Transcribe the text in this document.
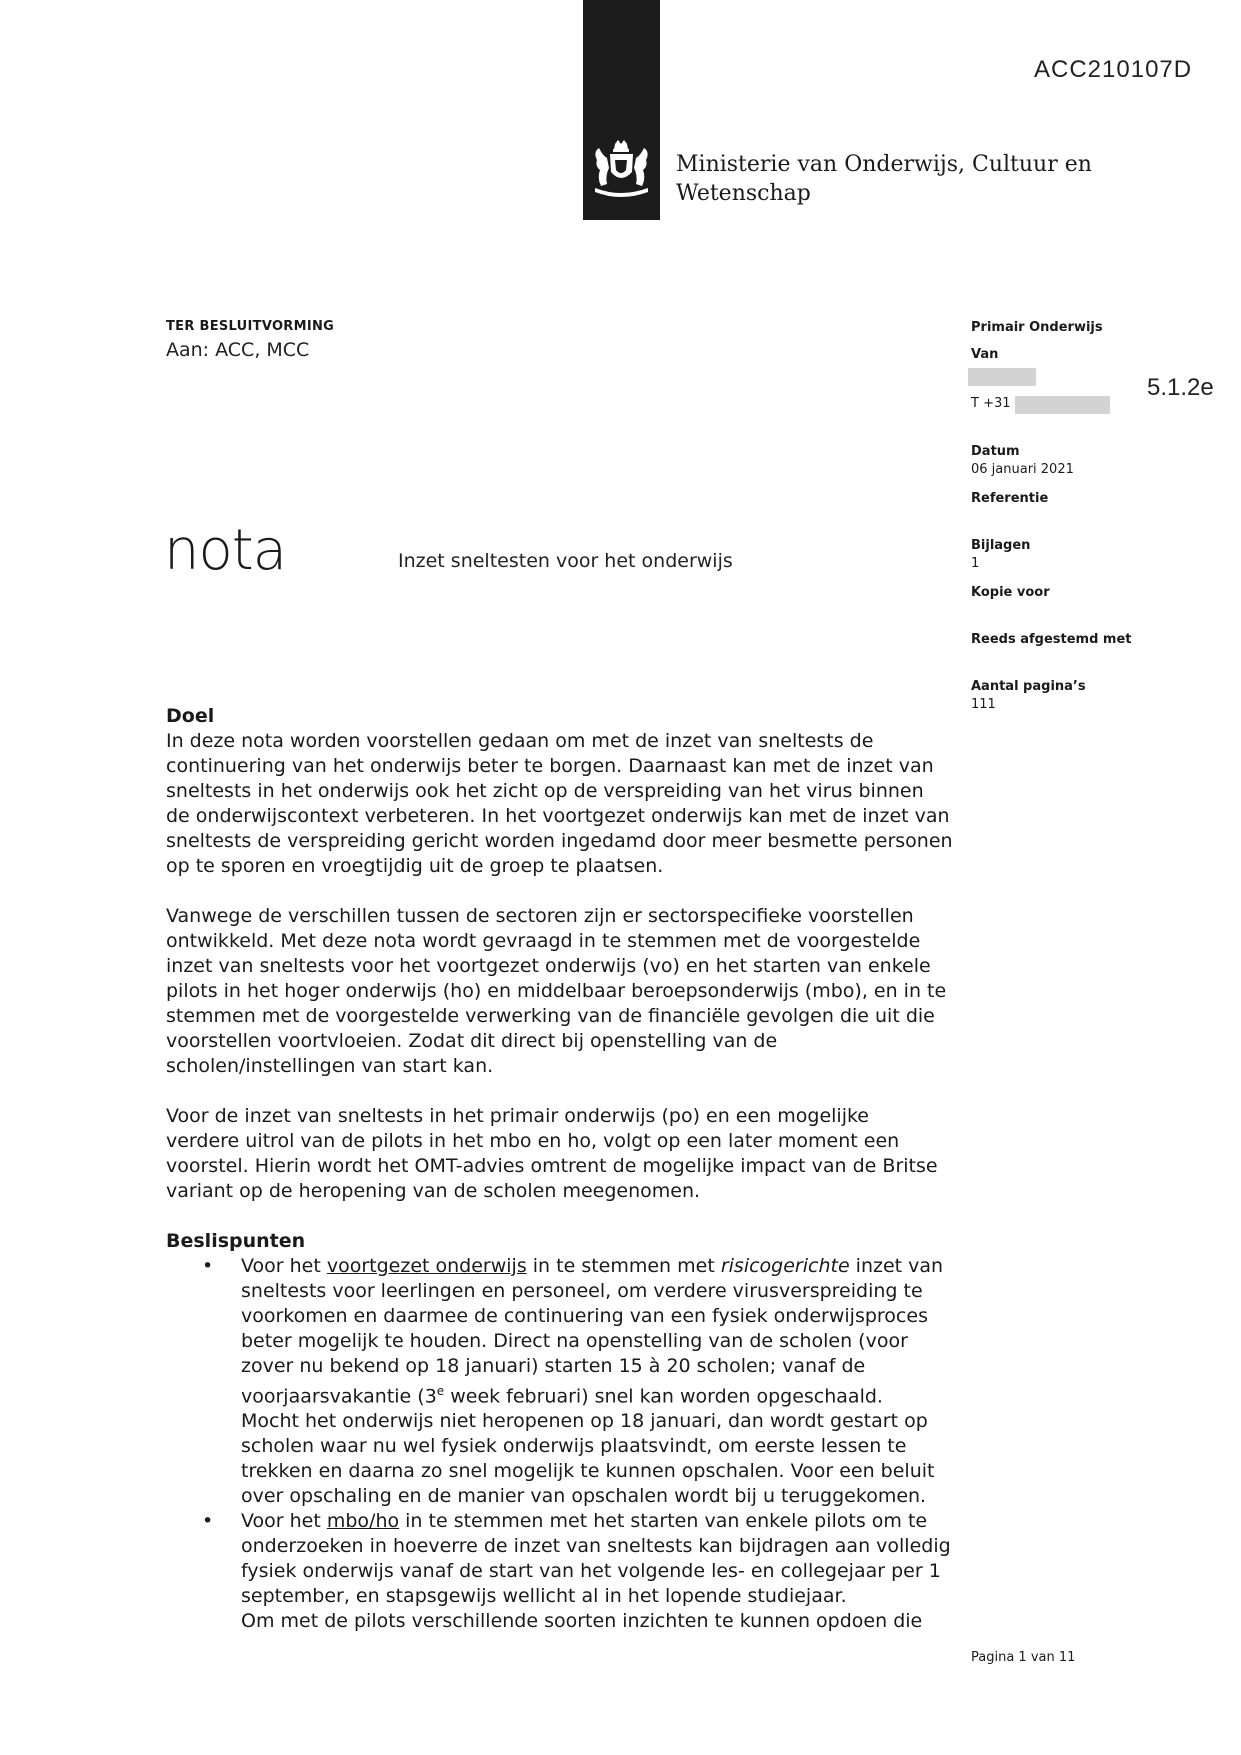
ACC210107D
Ministerie van Onderwijs, Cultuur en
Wetenschap
TER BESLUITVORMING
Aan: ACC, MCC
nota	Inzet sneltesten voor het onderwijs
Primair Onderwijs
Van
T +31
5.1.2e
Datum
06 januari 2021
Referentie
Bijlagen
1
Kopie voor
Reeds afgestemd met
Aantal pagina’s
111
Doel
In deze nota worden voorstellen gedaan om met de inzet van sneltests de
continuering van het onderwijs beter te borgen. Daarnaast kan met de inzet van
sneltests in het onderwijs ook het zicht op de verspreiding van het virus binnen
de onderwijscontext verbeteren. In het voortgezet onderwijs kan met de inzet van
sneltests de verspreiding gericht worden ingedamd door meer besmette personen
op te sporen en vroegtijdig uit de groep te plaatsen.
Vanwege de verschillen tussen de sectoren zijn er sectorspecifieke voorstellen
ontwikkeld. Met deze nota wordt gevraagd in te stemmen met de voorgestelde
inzet van sneltests voor het voortgezet onderwijs (vo) en het starten van enkele
pilots in het hoger onderwijs (ho) en middelbaar beroepsonderwijs (mbo), en in te
stemmen met de voorgestelde verwerking van de financiële gevolgen die uit die
voorstellen voortvloeien. Zodat dit direct bij openstelling van de
scholen/instellingen van start kan.
Voor de inzet van sneltests in het primair onderwijs (po) en een mogelijke
verdere uitrol van de pilots in het mbo en ho, volgt op een later moment een
voorstel. Hierin wordt het OMT-advies omtrent de mogelijke impact van de Britse
variant op de heropening van de scholen meegenomen.
Beslispunten
• Voor het voortgezet onderwijs in te stemmen met risicogerichte inzet van
sneltests voor leerlingen en personeel, om verdere virusverspreiding te
voorkomen en daarmee de continuering van een fysiek onderwijsproces
beter mogelijk te houden. Direct na openstelling van de scholen (voor
zover nu bekend op 18 januari) starten 15 à 20 scholen; vanaf de
voorjaarsvakantie (3e week februari) snel kan worden opgeschaald.
Mocht het onderwijs niet heropenen op 18 januari, dan wordt gestart op
scholen waar nu wel fysiek onderwijs plaatsvindt, om eerste lessen te
trekken en daarna zo snel mogelijk te kunnen opschalen. Voor een beluit
over opschaling en de manier van opschalen wordt bij u teruggekomen.
• Voor het mbo/ho in te stemmen met het starten van enkele pilots om te
onderzoeken in hoeverre de inzet van sneltests kan bijdragen aan volledig
fysiek onderwijs vanaf de start van het volgende les- en collegejaar per 1
september, en stapsgewijs wellicht al in het lopende studiejaar.
Om met de pilots verschillende soorten inzichten te kunnen opdoen die
Pagina 1 van 11
